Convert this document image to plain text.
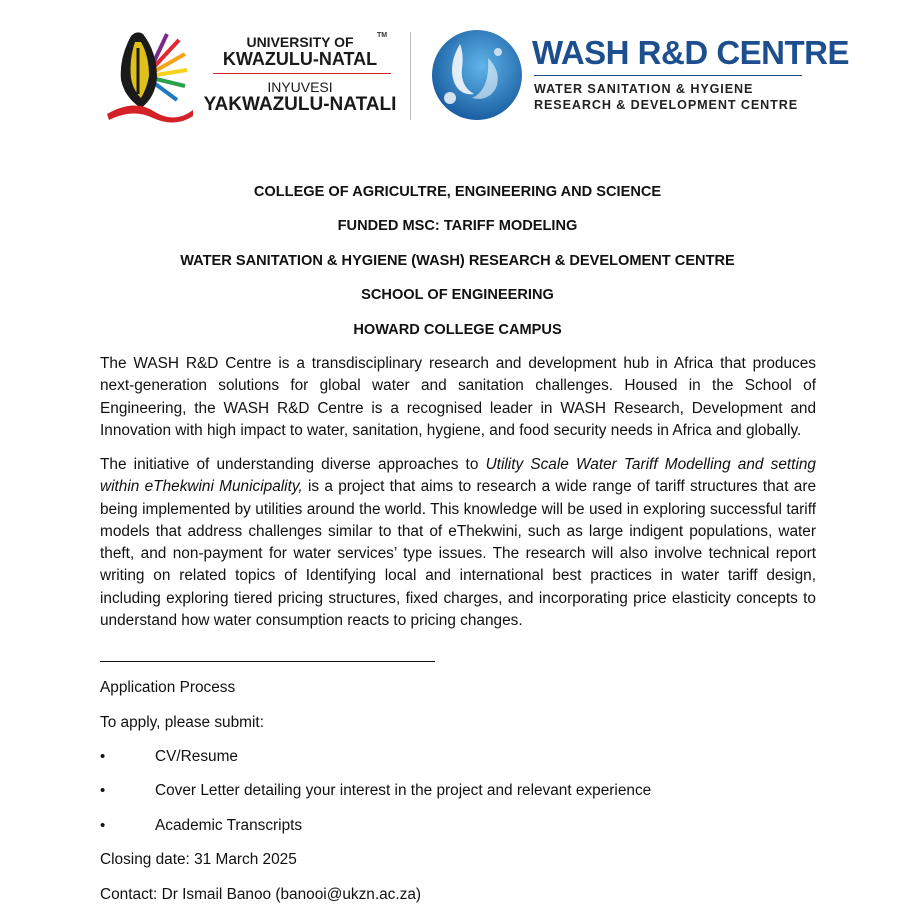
UNIVERSITY OF
KWAZULU-NATAL
TM
INYUVESI
YAKWAZULU-NATALI
WASH R&D CENTRE
WATER SANITATION & HYGIENE
RESEARCH & DEVELOPMENT CENTRE
COLLEGE OF AGRICULTRE, ENGINEERING AND SCIENCE
FUNDED MSC: TARIFF MODELING
WATER SANITATION & HYGIENE (WASH) RESEARCH & DEVELOMENT CENTRE
SCHOOL OF ENGINEERING
HOWARD COLLEGE CAMPUS
The WASH R&D Centre is a transdisciplinary research and development hub in Africa that produces next-generation solutions for global water and sanitation challenges. Housed in the School of Engineering, the WASH R&D Centre is a recognised leader in WASH Research, Development and Innovation with high impact to water, sanitation, hygiene, and food security needs in Africa and globally.
The initiative of understanding diverse approaches to Utility Scale Water Tariff Modelling and setting within eThekwini Municipality, is a project that aims to research a wide range of tariff structures that are being implemented by utilities around the world. This knowledge will be used in exploring successful tariff models that address challenges similar to that of eThekwini, such as large indigent populations, water theft, and non-payment for water services’ type issues. The research will also involve technical report writing on related topics of Identifying local and international best practices in water tariff design, including exploring tiered pricing structures, fixed charges, and incorporating price elasticity concepts to understand how water consumption reacts to pricing changes.
Application Process
To apply, please submit:
•	CV/Resume
•	Cover Letter detailing your interest in the project and relevant experience
•	Academic Transcripts
Closing date: 31 March 2025
Contact: Dr Ismail Banoo (banooi@ukzn.ac.za)
